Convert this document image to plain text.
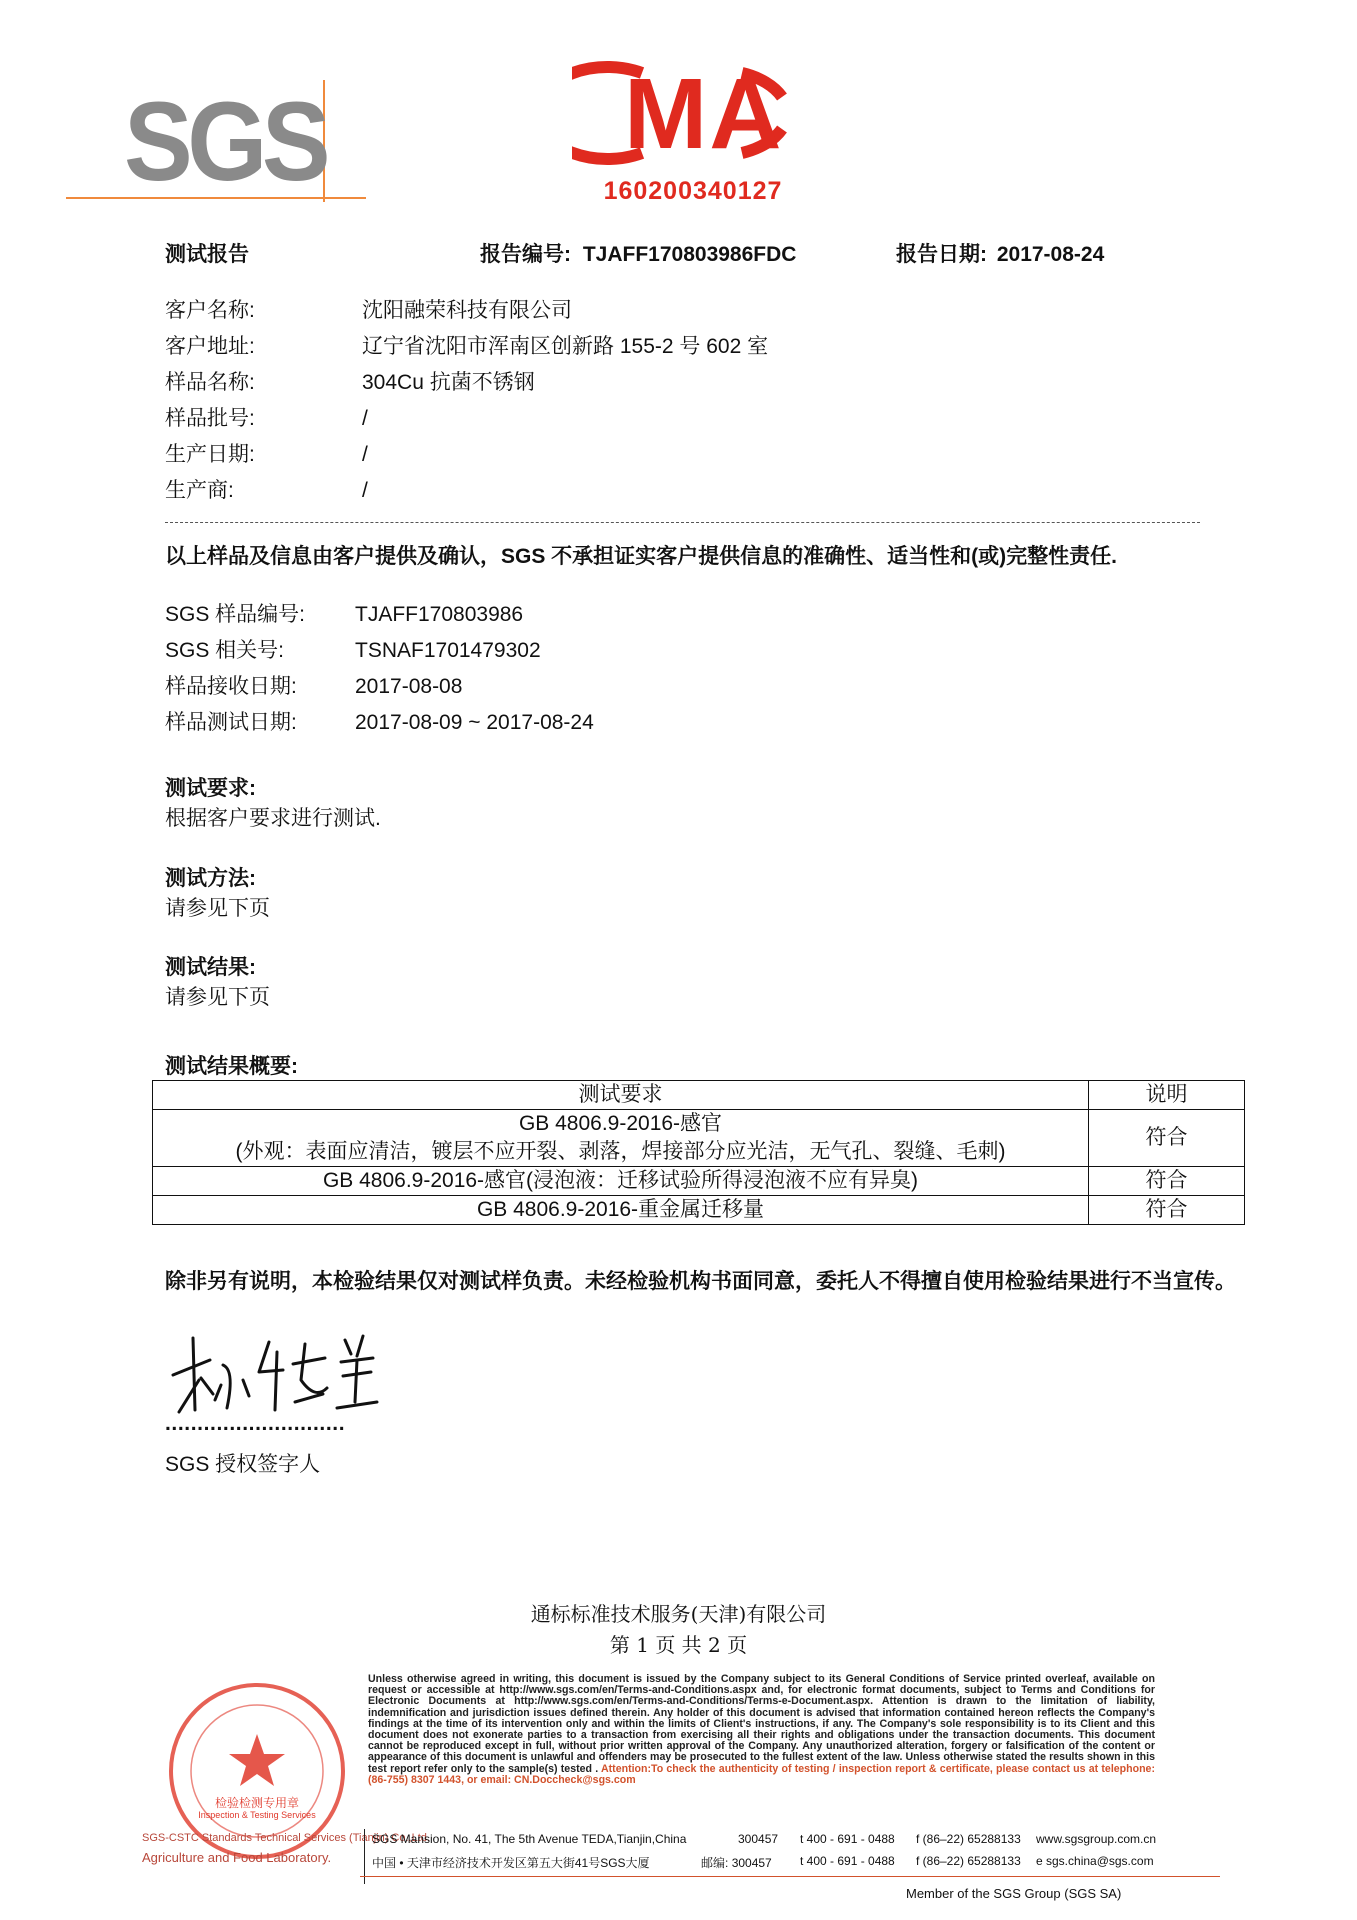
SGS	MA
160200340127
测试报告	报告编号: TJAFF170803986FDC	报告日期: 2017-08-24
客户名称:	沈阳融荣科技有限公司
客户地址:	辽宁省沈阳市浑南区创新路 155-2 号 602 室
样品名称:	304Cu 抗菌不锈钢
样品批号:	/
生产日期:	/
生产商:	/
以上样品及信息由客户提供及确认，SGS 不承担证实客户提供信息的准确性、适当性和(或)完整性责任.
SGS 样品编号:	TJAFF170803986
SGS 相关号:	TSNAF1701479302
样品接收日期:	2017-08-08
样品测试日期:	2017-08-09 ~ 2017-08-24
测试要求:
根据客户要求进行测试.
测试方法:
请参见下页
测试结果:
请参见下页
测试结果概要:
测试要求	说明

GB 4806.9-2016-感官
(外观：表面应清洁，镀层不应开裂、剥落，焊接部分应光洁，无气孔、裂缝、毛刺)	符合
GB 4806.9-2016-感官(浸泡液：迁移试验所得浸泡液不应有异臭)	符合
GB 4806.9-2016-重金属迁移量	符合
除非另有说明，本检验结果仅对测试样负责。未经检验机构书面同意，委托人不得擅自使用检验结果进行不当宣传。
............................
SGS 授权签字人
通标标准技术服务(天津)有限公司
第 1 页 共 2 页
检验检测专用章
Inspection & Testing Services
SGS-CSTC Standards Technical Services (Tianjin) Co.,Ltd.
Agriculture and Food Laboratory.
Unless otherwise agreed in writing, this document is issued by the Company subject to its General Conditions of Service printed overleaf, available on request or accessible at http://www.sgs.com/en/Terms-and-Conditions.aspx and, for electronic format documents, subject to Terms and Conditions for Electronic Documents at http://www.sgs.com/en/Terms-and-Conditions/Terms-e-Document.aspx. Attention is drawn to the limitation of liability, indemnification and jurisdiction issues defined therein. Any holder of this document is advised that information contained hereon reflects the Company's findings at the time of its intervention only and within the limits of Client's instructions, if any. The Company's sole responsibility is to its Client and this document does not exonerate parties to a transaction from exercising all their rights and obligations under the transaction documents. This document cannot be reproduced except in full, without prior written approval of the Company. Any unauthorized alteration, forgery or falsification of the content or appearance of this document is unlawful and offenders may be prosecuted to the fullest extent of the law. Unless otherwise stated the results shown in this test report refer only to the sample(s) tested . Attention:To check the authenticity of testing / inspection report & certificate, please contact us at telephone:(86-755) 8307 1443, or email: CN.Doccheck@sgs.com
SGS Mansion, No. 41, The 5th Avenue TEDA,Tianjin,China	300457 t 400 - 691 - 0488 f (86–22) 65288133 www.sgsgroup.com.cn
中国 • 天津市经济技术开发区第五大街41号SGS大厦	邮编: 300457 t 400 - 691 - 0488 f (86–22) 65288133 e sgs.china@sgs.com
Member of the SGS Group (SGS SA)
